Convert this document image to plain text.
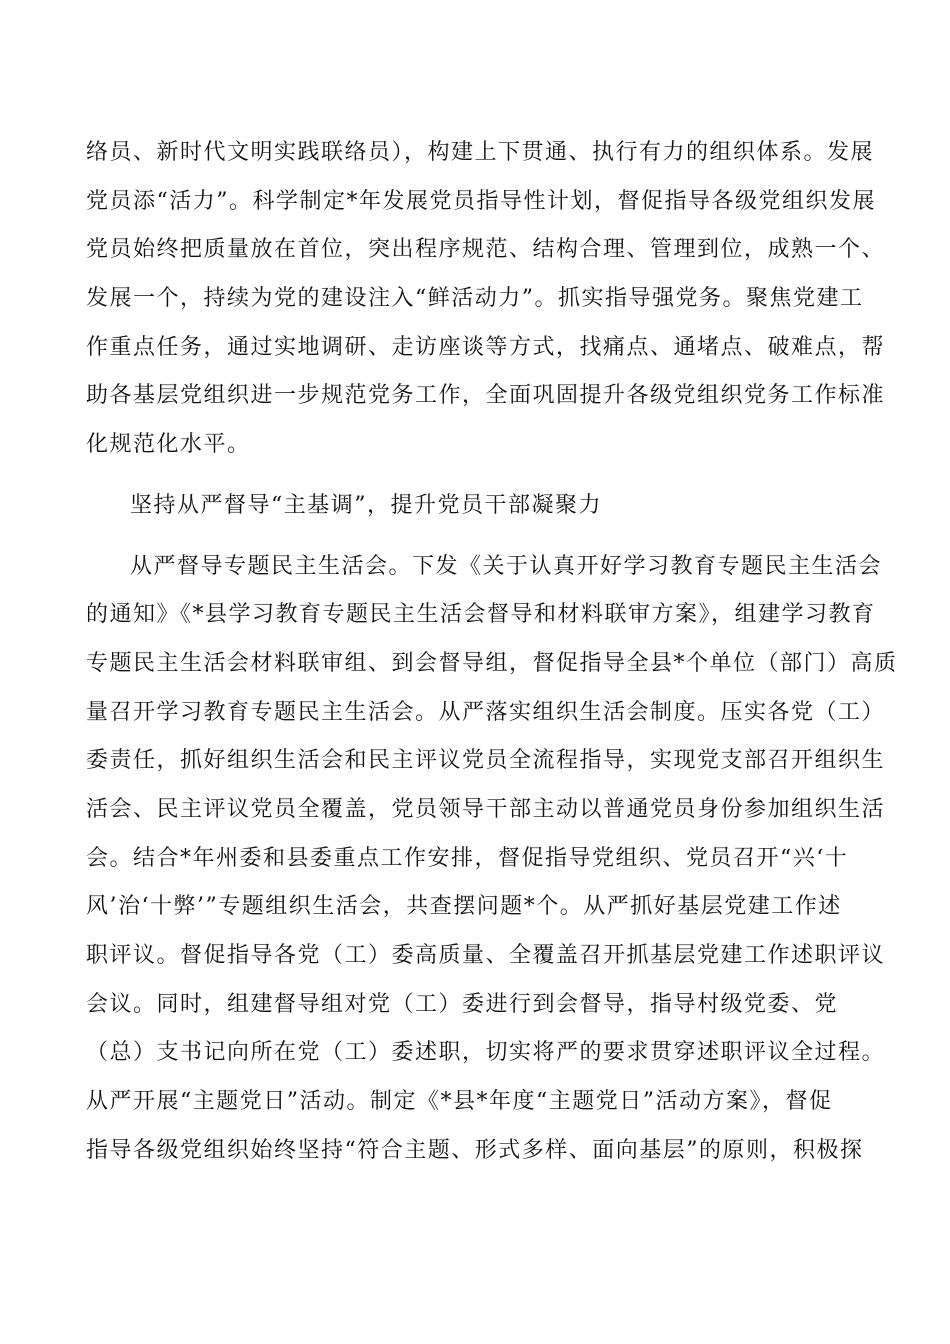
络员、新时代文明实践联络员），构建上下贯通、执行有力的组织体系。发展
党员添“活力”。科学制定*年发展党员指导性计划，督促指导各级党组织发展
党员始终把质量放在首位，突出程序规范、结构合理、管理到位，成熟一个、
发展一个，持续为党的建设注入“鲜活动力”。抓实指导强党务。聚焦党建工
作重点任务，通过实地调研、走访座谈等方式，找痛点、通堵点、破难点，帮
助各基层党组织进一步规范党务工作，全面巩固提升各级党组织党务工作标准
化规范化水平。
坚持从严督导“主基调”，提升党员干部凝聚力
从严督导专题民主生活会。下发《关于认真开好学习教育专题民主生活会
的通知》《*县学习教育专题民主生活会督导和材料联审方案》，组建学习教育
专题民主生活会材料联审组、到会督导组，督促指导全县*个单位（部门）高质
量召开学习教育专题民主生活会。从严落实组织生活会制度。压实各党（工）
委责任，抓好组织生活会和民主评议党员全流程指导，实现党支部召开组织生
活会、民主评议党员全覆盖，党员领导干部主动以普通党员身份参加组织生活
会。结合*年州委和县委重点工作安排，督促指导党组织、党员召开“兴‘十
风’治‘十弊’”专题组织生活会，共查摆问题*个。从严抓好基层党建工作述
职评议。督促指导各党（工）委高质量、全覆盖召开抓基层党建工作述职评议
会议。同时，组建督导组对党（工）委进行到会督导，指导村级党委、党
（总）支书记向所在党（工）委述职，切实将严的要求贯穿述职评议全过程。
从严开展“主题党日”活动。制定《*县*年度“主题党日”活动方案》，督促
指导各级党组织始终坚持“符合主题、形式多样、面向基层”的原则，积极探
